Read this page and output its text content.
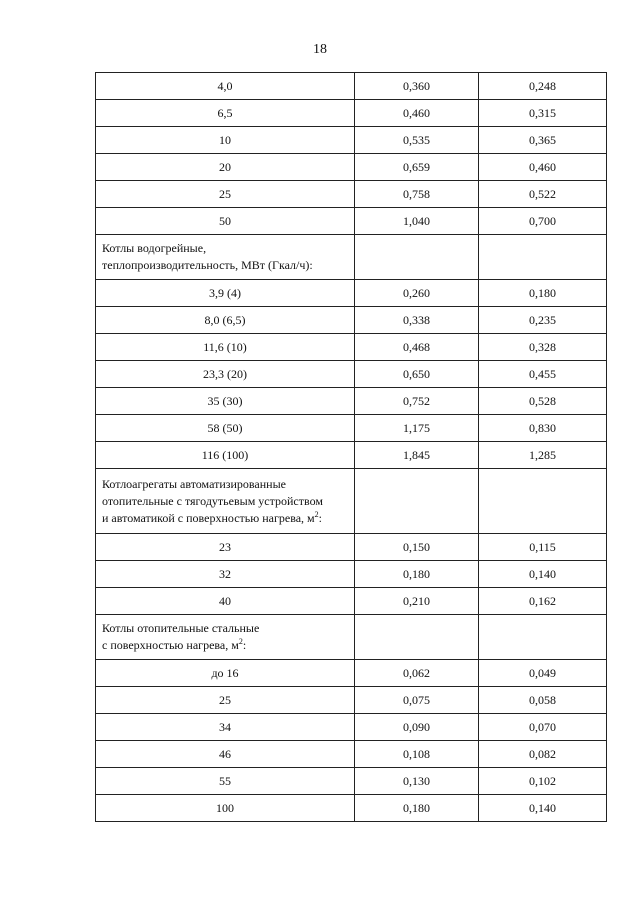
18
4,0	0,360	0,248
6,5	0,460	0,315
10	0,535	0,365
20	0,659	0,460
25	0,758	0,522
50	1,040	0,700
Котлы водогрейные,
теплопроизводительность, МВт (Гкал/ч):		
3,9 (4)	0,260	0,180
8,0 (6,5)	0,338	0,235
11,6 (10)	0,468	0,328
23,3 (20)	0,650	0,455
35 (30)	0,752	0,528
58 (50)	1,175	0,830
116 (100)	1,845	1,285
Котлоагрегаты автоматизированные
отопительные с тягодутьевым устройством
и автоматикой с поверхностью нагрева, $м^2$:		
23	0,150	0,115
32	0,180	0,140
40	0,210	0,162
Котлы отопительные стальные
с поверхностью нагрева, $м^2$:		
до 16	0,062	0,049
25	0,075	0,058
34	0,090	0,070
46	0,108	0,082
55	0,130	0,102
100	0,180	0,140
